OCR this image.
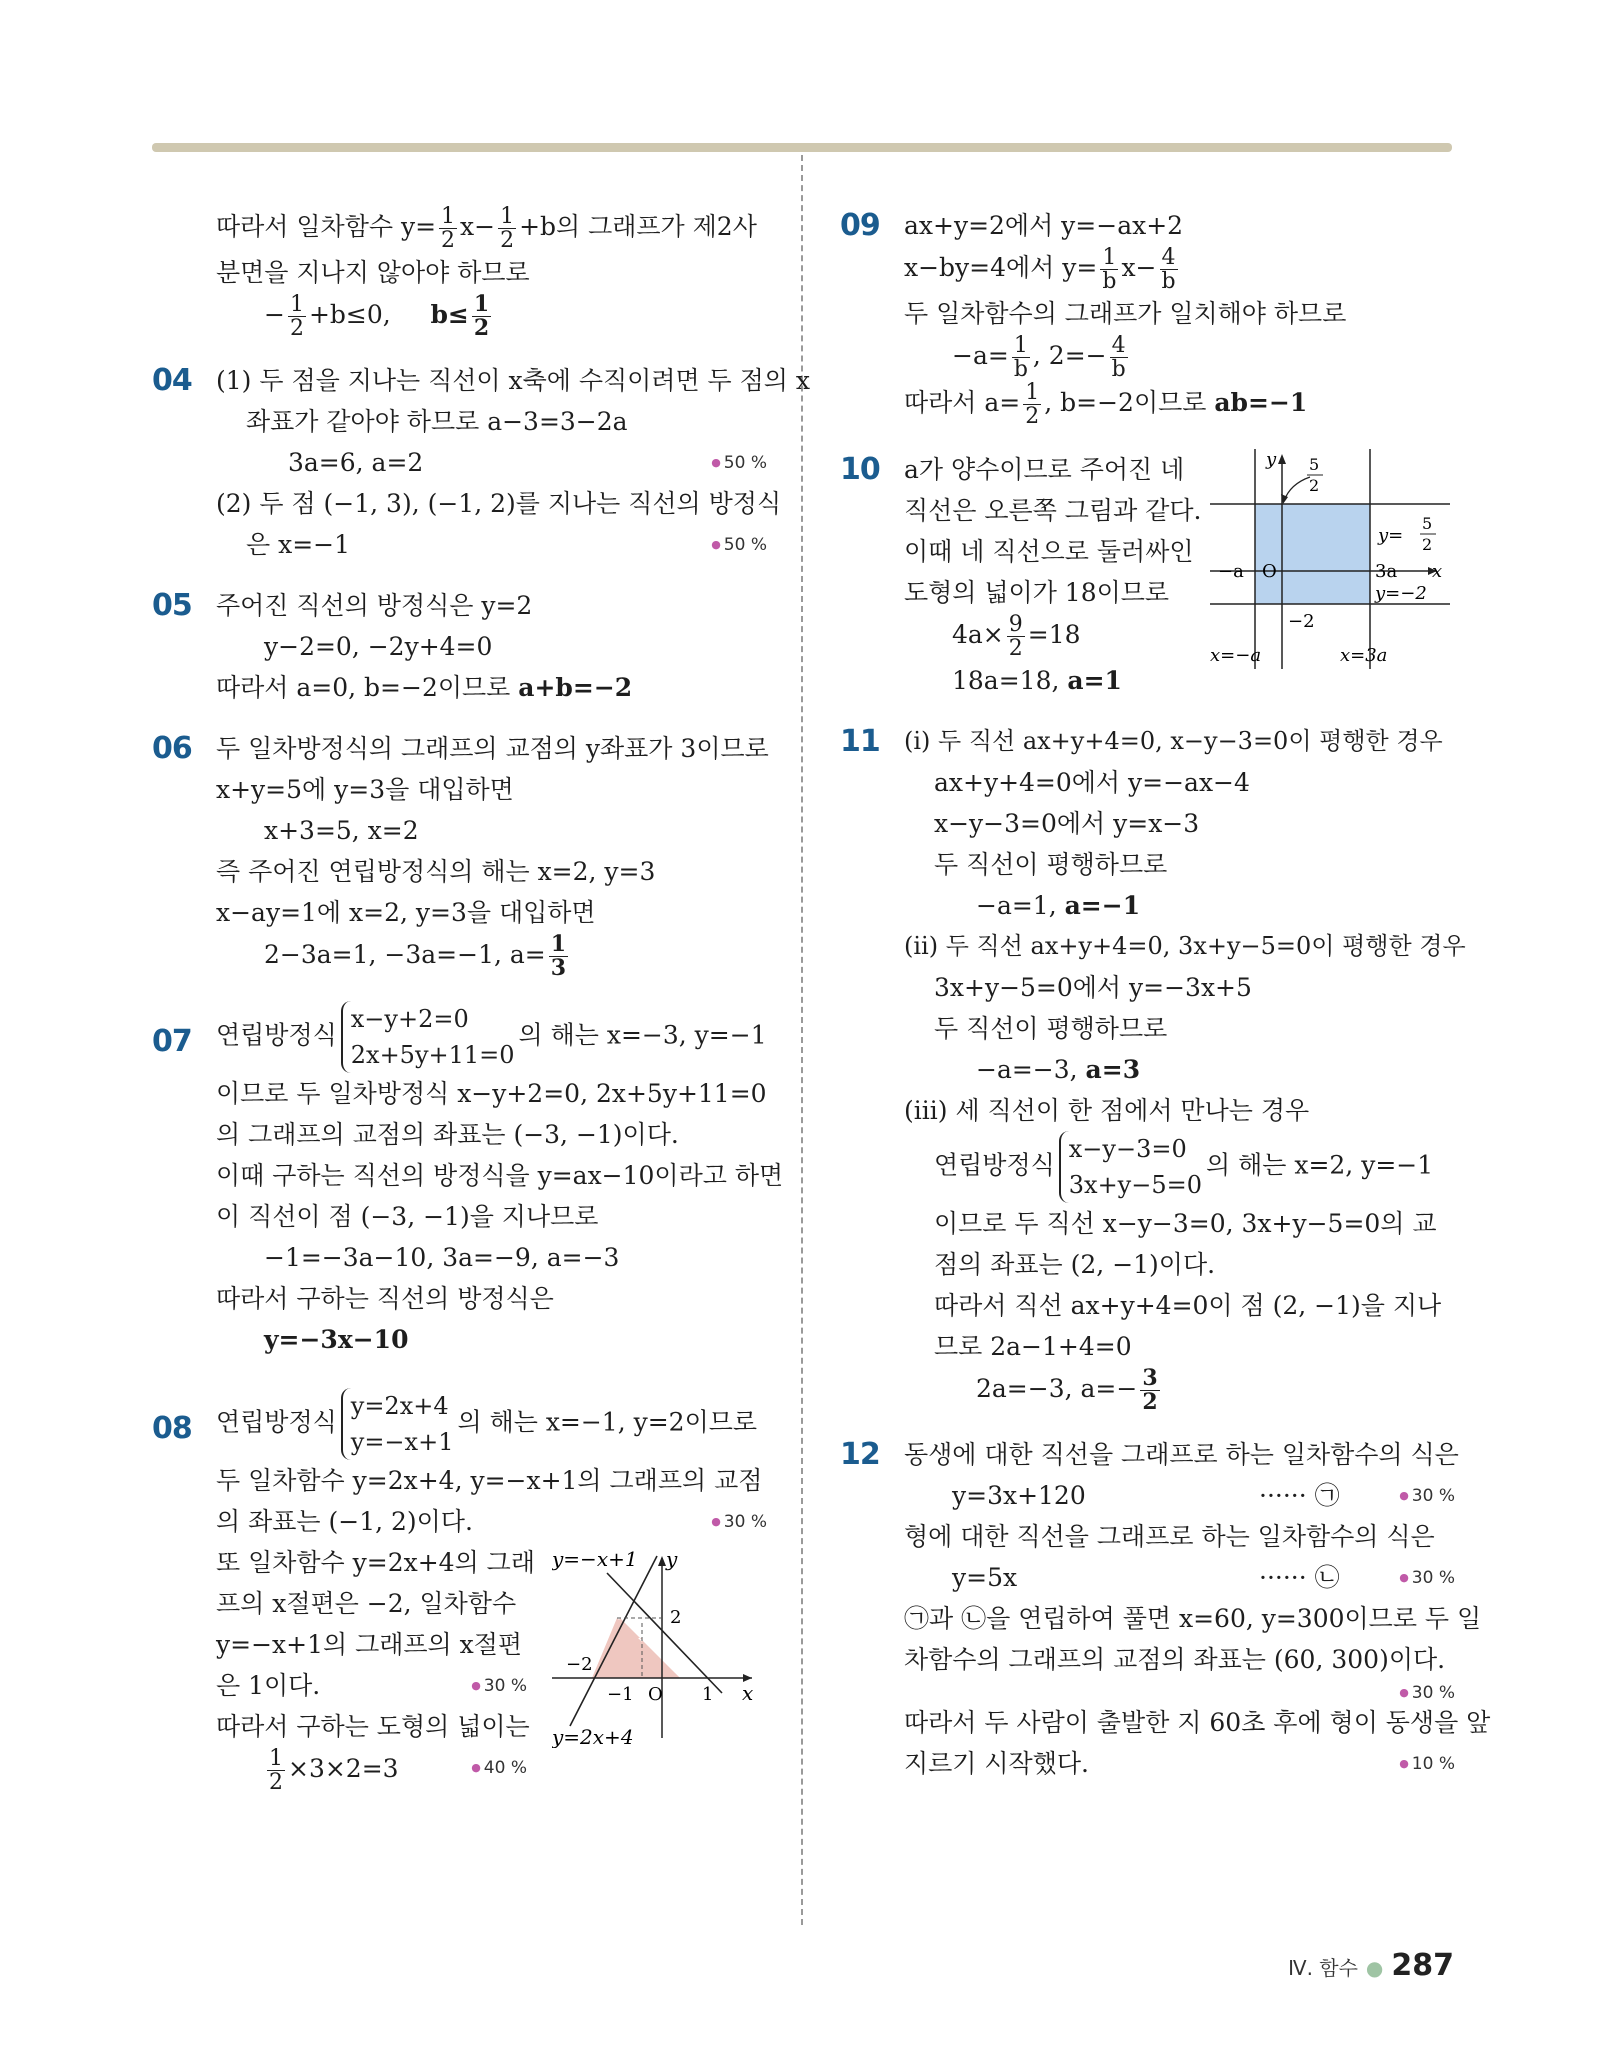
따라서 일차함수 $y= \frac{1}{2} x- \frac{1}{2} +b$의 그래프가 제2사
분면을 지나지 않아야 하므로
− $\frac{1}{2} +b\le 0$, $b\le \frac{1}{2}$
04 (1) 두 점을 지나는 직선이 x축에 수직이려면 두 점의 x
좌표가 같아야 하므로 a−3=3−2a
3a=6, a=2	● 50 %
(2) 두 점 (−1, 3), (−1, 2)를 지나는 직선의 방정식
은 x=−1	● 50 %
05 주어진 직선의 방정식은 y=2
y−2=0, −2y+4=0
따라서 a=0, b=−2이므로 a+b=−2
06 두 일차방정식의 그래프의 교점의 y좌표가 3이므로
x+y=5에 y=3을 대입하면
x+3=5, x=2
즉 주어진 연립방정식의 해는 x=2, y=3
x−ay=1에 x=2, y=3을 대입하면
2−3a=1, −3a=−1, $a= \frac{1}{3}$
07 연립방정식
x−y+2=0
2x+5y+11=0
의 해는 x=−3, y=−1
이므로 두 일차방정식 x−y+2=0, 2x+5y+11=0
의 그래프의 교점의 좌표는 (−3, −1)이다.
이때 구하는 직선의 방정식을 y=ax−10이라고 하면
이 직선이 점 (−3, −1)을 지나므로
−1=−3a−10, 3a=−9, a=−3
따라서 구하는 직선의 방정식은
y=−3x−10
08 연립방정식
y=2x+4
y=−x+1
의 해는 x=−1, y=2이므로
두 일차함수 y=2x+4, y=−x+1의 그래프의 교점
의 좌표는 (−1, 2)이다.	● 30 %
또 일차함수 y=2x+4의 그래
프의 x절편은 −2, 일차함수
y=−x+1의 그래프의 x절편
은 1이다.	● 30 %
따라서 구하는 도형의 넓이는
$\frac{1}{2} \times 3\times 2=3$	● 40 %
y=−x+1 y
2
−2
−1 O 1 x
y=2x+4
09 ax+y=2에서 y=−ax+2
x−by=4에서 $y= \frac{1}{b} x- \frac{4}{b}$
두 일차함수의 그래프가 일치해야 하므로
$-a= \frac{1}{b}$ , $2=- \frac{4}{b}$
따라서 $a= \frac{1}{2}$ , b=−2이므로 ab=−1
10 a가 양수이므로 주어진 네
직선은 오른쪽 그림과 같다.
이때 네 직선으로 둘러싸인
도형의 넓이가 18이므로
$4a\times \frac{9}{2} =18$
18a=18, a=1
y 5
2
y=
5
2
−a O	3a x
y=−2
−2
x=−a	x=3a
11 (ⅰ) 두 직선 ax+y+4=0, x−y−3=0이 평행한 경우
ax+y+4=0에서 y=−ax−4
x−y−3=0에서 y=x−3
두 직선이 평행하므로
−a=1, a=−1
(ⅱ) 두 직선 ax+y+4=0, 3x+y−5=0이 평행한 경우
3x+y−5=0에서 y=−3x+5
두 직선이 평행하므로
−a=−3, a=3
(ⅲ) 세 직선이 한 점에서 만나는 경우
연립방정식
x−y−3=0
3x+y−5=0
의 해는 x=2, y=−1
이므로 두 직선 x−y−3=0, 3x+y−5=0의 교
점의 좌표는 (2, −1)이다.
따라서 직선 ax+y+4=0이 점 (2, −1)을 지나
므로 2a−1+4=0
2a=−3, $a=- \frac{3}{2}$
12 동생에 대한 직선을 그래프로 하는 일차함수의 식은
y=3x+120	······ ㉠	● 30 %
형에 대한 직선을 그래프로 하는 일차함수의 식은
y=5x	······ ㉡	● 30 %
㉠과 ㉡을 연립하여 풀면 x=60, y=300이므로 두 일
차함수의 그래프의 교점의 좌표는 (60, 300)이다.
● 30 %
따라서 두 사람이 출발한 지 60초 후에 형이 동생을 앞
지르기 시작했다.	● 10 %
Ⅳ. 함수 ● 287
